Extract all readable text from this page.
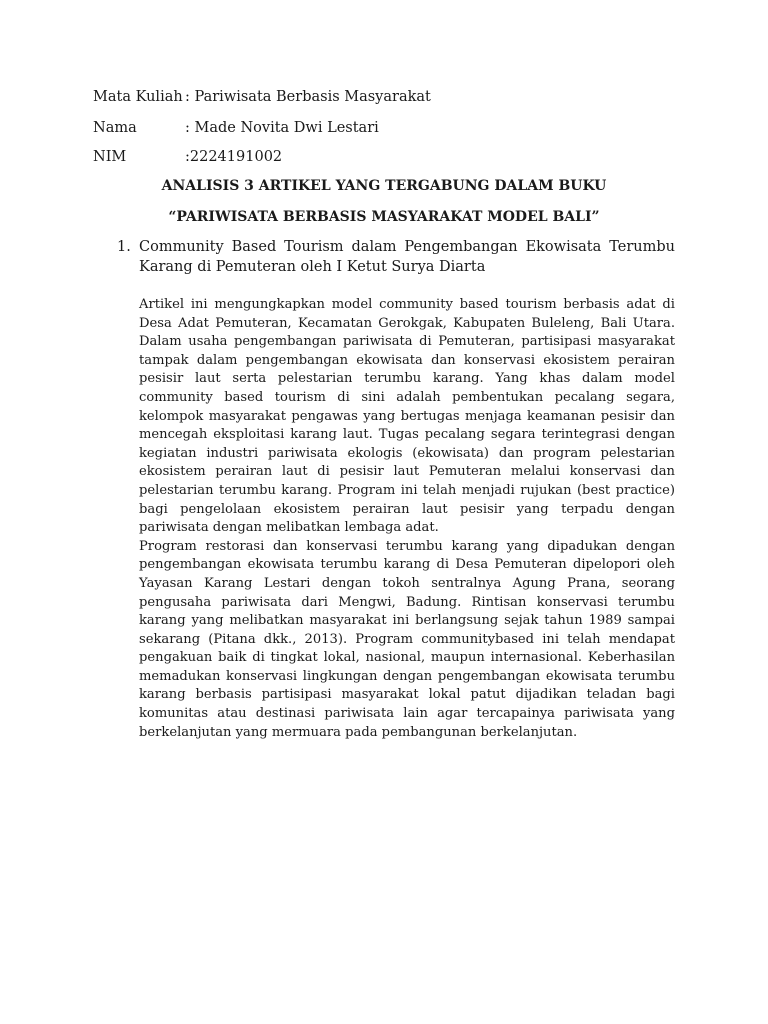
Mata Kuliah : Pariwisata Berbasis Masyarakat
Nama	: Made Novita Dwi Lestari
NIM	:2224191002
ANALISIS 3 ARTIKEL YANG TERGABUNG DALAM BUKU
“PARIWISATA BERBASIS MASYARAKAT MODEL BALI”
1. Community Based Tourism dalam Pengembangan Ekowisata Terumbu Karang di Pemuteran oleh I Ketut Surya Diarta

Artikel ini mengungkapkan model community based tourism berbasis adat di Desa Adat Pemuteran, Kecamatan Gerokgak, Kabupaten Buleleng, Bali Utara. Dalam usaha pengembangan pariwisata di Pemuteran, partisipasi masyarakat tampak dalam pengembangan ekowisata dan konservasi ekosistem perairan pesisir laut serta pelestarian terumbu karang. Yang khas dalam model community based tourism di sini adalah pembentukan pecalang segara, kelompok masyarakat pengawas yang bertugas menjaga keamanan pesisir dan mencegah eksploitasi karang laut. Tugas pecalang segara terintegrasi dengan kegiatan industri pariwisata ekologis (ekowisata) dan program pelestarian ekosistem perairan laut di pesisir laut Pemuteran melalui konservasi dan pelestarian terumbu karang. Program ini telah menjadi rujukan (best practice) bagi pengelolaan ekosistem perairan laut pesisir yang terpadu dengan pariwisata dengan melibatkan lembaga adat.

Program restorasi dan konservasi terumbu karang yang dipadukan dengan pengembangan ekowisata terumbu karang di Desa Pemuteran dipelopori oleh Yayasan Karang Lestari dengan tokoh sentralnya Agung Prana, seorang pengusaha pariwisata dari Mengwi, Badung. Rintisan konservasi terumbu karang yang melibatkan masyarakat ini berlangsung sejak tahun 1989 sampai sekarang (Pitana dkk., 2013). Program communitybased ini telah mendapat pengakuan baik di tingkat lokal, nasional, maupun internasional. Keberhasilan memadukan konservasi lingkungan dengan pengembangan ekowisata terumbu karang berbasis partisipasi masyarakat lokal patut dijadikan teladan bagi komunitas atau destinasi pariwisata lain agar tercapainya pariwisata yang berkelanjutan yang mermuara pada pembangunan berkelanjutan.
